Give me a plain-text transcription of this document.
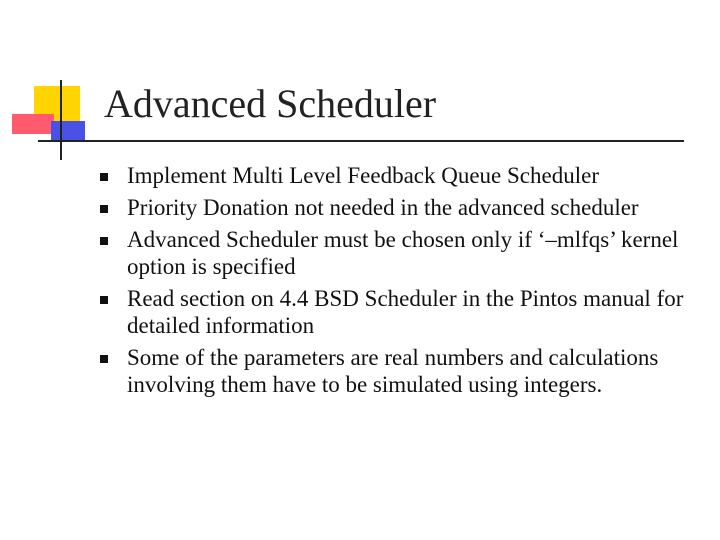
Advanced Scheduler
Implement Multi Level Feedback Queue Scheduler
Priority Donation not needed in the advanced scheduler
Advanced Scheduler must be chosen only if ‘–mlfqs’ kernel option is specified
Read section on 4.4 BSD Scheduler in the Pintos manual for detailed information
Some of the parameters are real numbers and calculations involving them have to be simulated using integers.
